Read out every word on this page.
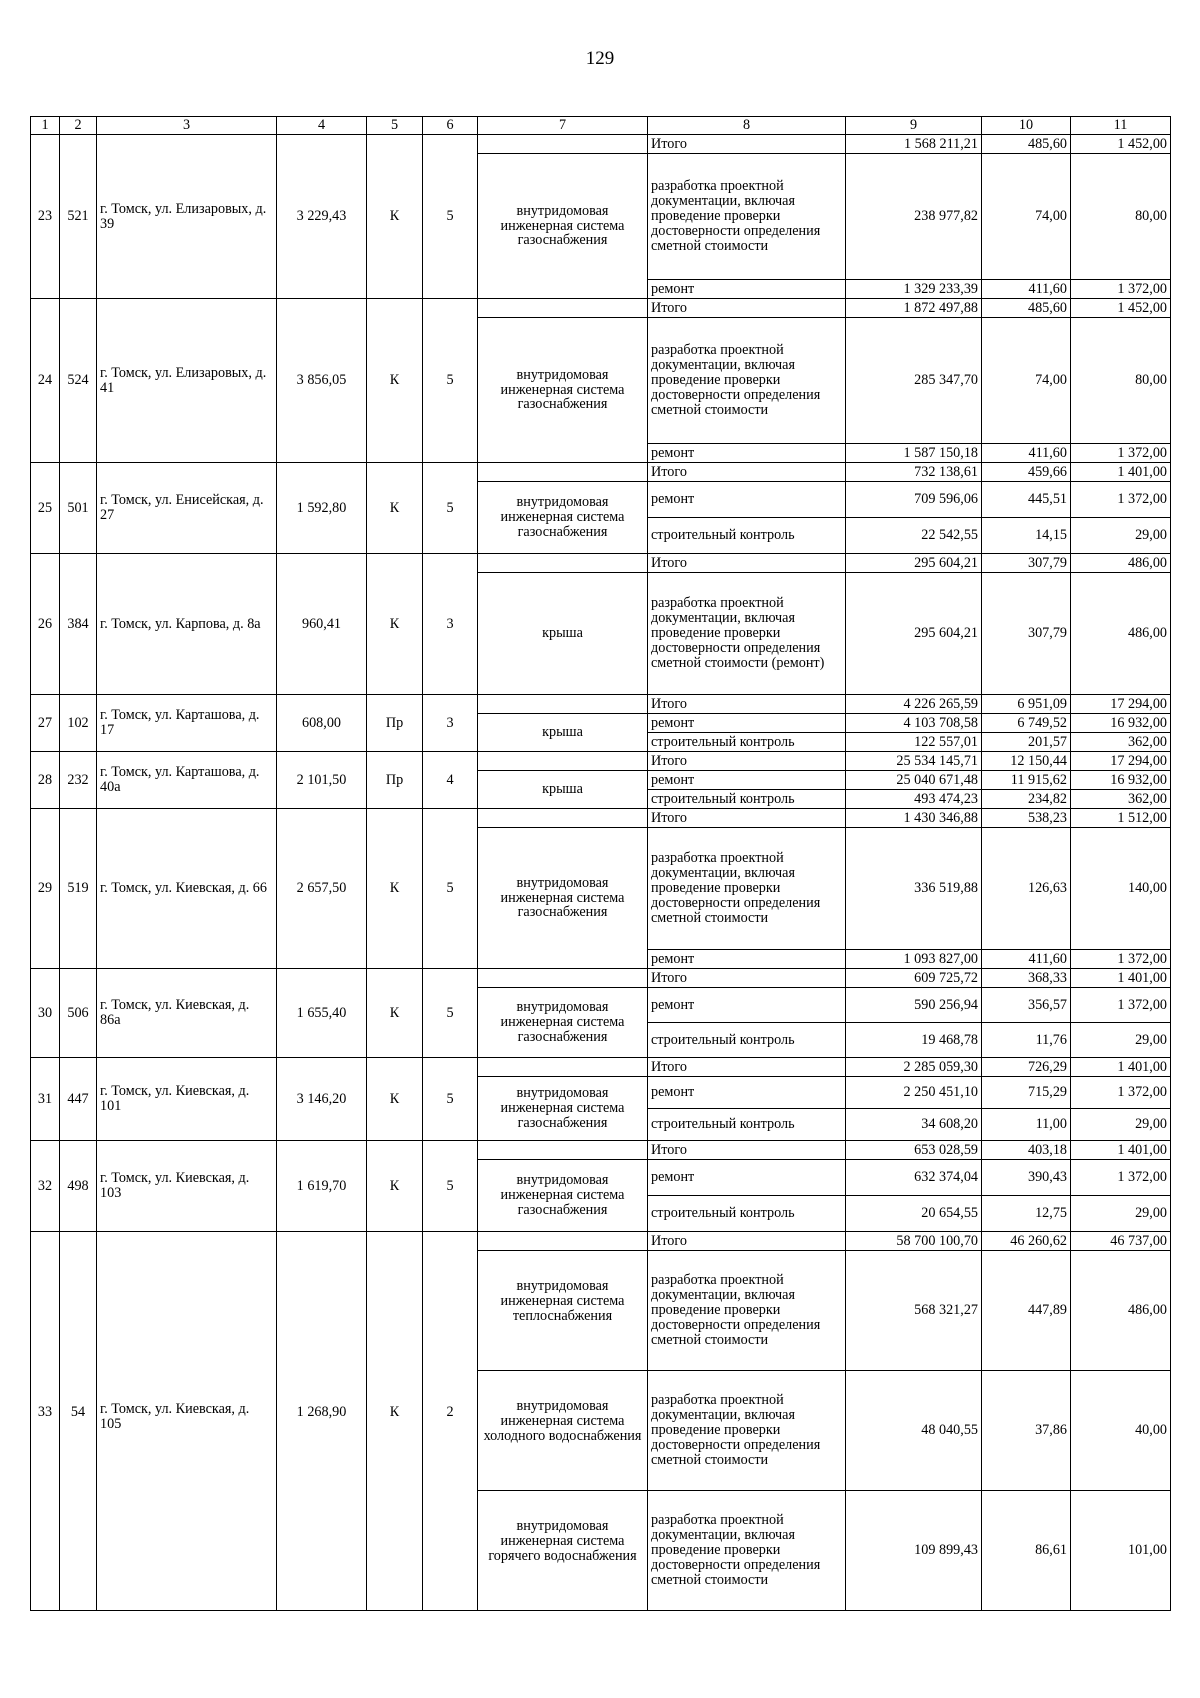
129
1	2	3	4	5	6	7	8	9	10	11
23	521	г. Томск, ул. Елизаровых, д. 39	3 229,43	К	5		Итого	1 568 211,21	485,60	1 452,00
						внутридомовая инженерная система газоснабжения	разработка проектной документации, включая проведение проверки достоверности определения сметной стоимости	238 977,82	74,00	80,00
							ремонт	1 329 233,39	411,60	1 372,00
24	524	г. Томск, ул. Елизаровых, д. 41	3 856,05	К	5		Итого	1 872 497,88	485,60	1 452,00
						внутридомовая инженерная система газоснабжения	разработка проектной документации, включая проведение проверки достоверности определения сметной стоимости	285 347,70	74,00	80,00
							ремонт	1 587 150,18	411,60	1 372,00
25	501	г. Томск, ул. Енисейская, д. 27	1 592,80	К	5		Итого	732 138,61	459,66	1 401,00
						внутридомовая инженерная система газоснабжения	ремонт	709 596,06	445,51	1 372,00
							строительный контроль	22 542,55	14,15	29,00
26	384	г. Томск, ул. Карпова, д. 8а	960,41	К	3		Итого	295 604,21	307,79	486,00
						крыша	разработка проектной документации, включая проведение проверки достоверности определения сметной стоимости (ремонт)	295 604,21	307,79	486,00
27	102	г. Томск, ул. Карташова, д. 17	608,00	Пр	3		Итого	4 226 265,59	6 951,09	17 294,00
						крыша	ремонт	4 103 708,58	6 749,52	16 932,00
							строительный контроль	122 557,01	201,57	362,00
28	232	г. Томск, ул. Карташова, д. 40а	2 101,50	Пр	4		Итого	25 534 145,71	12 150,44	17 294,00
						крыша	ремонт	25 040 671,48	11 915,62	16 932,00
							строительный контроль	493 474,23	234,82	362,00
29	519	г. Томск, ул. Киевская, д. 66	2 657,50	К	5		Итого	1 430 346,88	538,23	1 512,00
						внутридомовая инженерная система газоснабжения	разработка проектной документации, включая проведение проверки достоверности определения сметной стоимости	336 519,88	126,63	140,00
							ремонт	1 093 827,00	411,60	1 372,00
30	506	г. Томск, ул. Киевская, д. 86а	1 655,40	К	5		Итого	609 725,72	368,33	1 401,00
						внутридомовая инженерная система газоснабжения	ремонт	590 256,94	356,57	1 372,00
							строительный контроль	19 468,78	11,76	29,00
31	447	г. Томск, ул. Киевская, д. 101	3 146,20	К	5		Итого	2 285 059,30	726,29	1 401,00
						внутридомовая инженерная система газоснабжения	ремонт	2 250 451,10	715,29	1 372,00
							строительный контроль	34 608,20	11,00	29,00
32	498	г. Томск, ул. Киевская, д. 103	1 619,70	К	5		Итого	653 028,59	403,18	1 401,00
						внутридомовая инженерная система газоснабжения	ремонт	632 374,04	390,43	1 372,00
							строительный контроль	20 654,55	12,75	29,00
33	54	г. Томск, ул. Киевская, д. 105	1 268,90	К	2		Итого	58 700 100,70	46 260,62	46 737,00
						внутридомовая инженерная система теплоснабжения	разработка проектной документации, включая проведение проверки достоверности определения сметной стоимости	568 321,27	447,89	486,00
						внутридомовая инженерная система холодного водоснабжения	разработка проектной документации, включая проведение проверки достоверности определения сметной стоимости	48 040,55	37,86	40,00
						внутридомовая инженерная система горячего водоснабжения	разработка проектной документации, включая проведение проверки достоверности определения сметной стоимости	109 899,43	86,61	101,00
